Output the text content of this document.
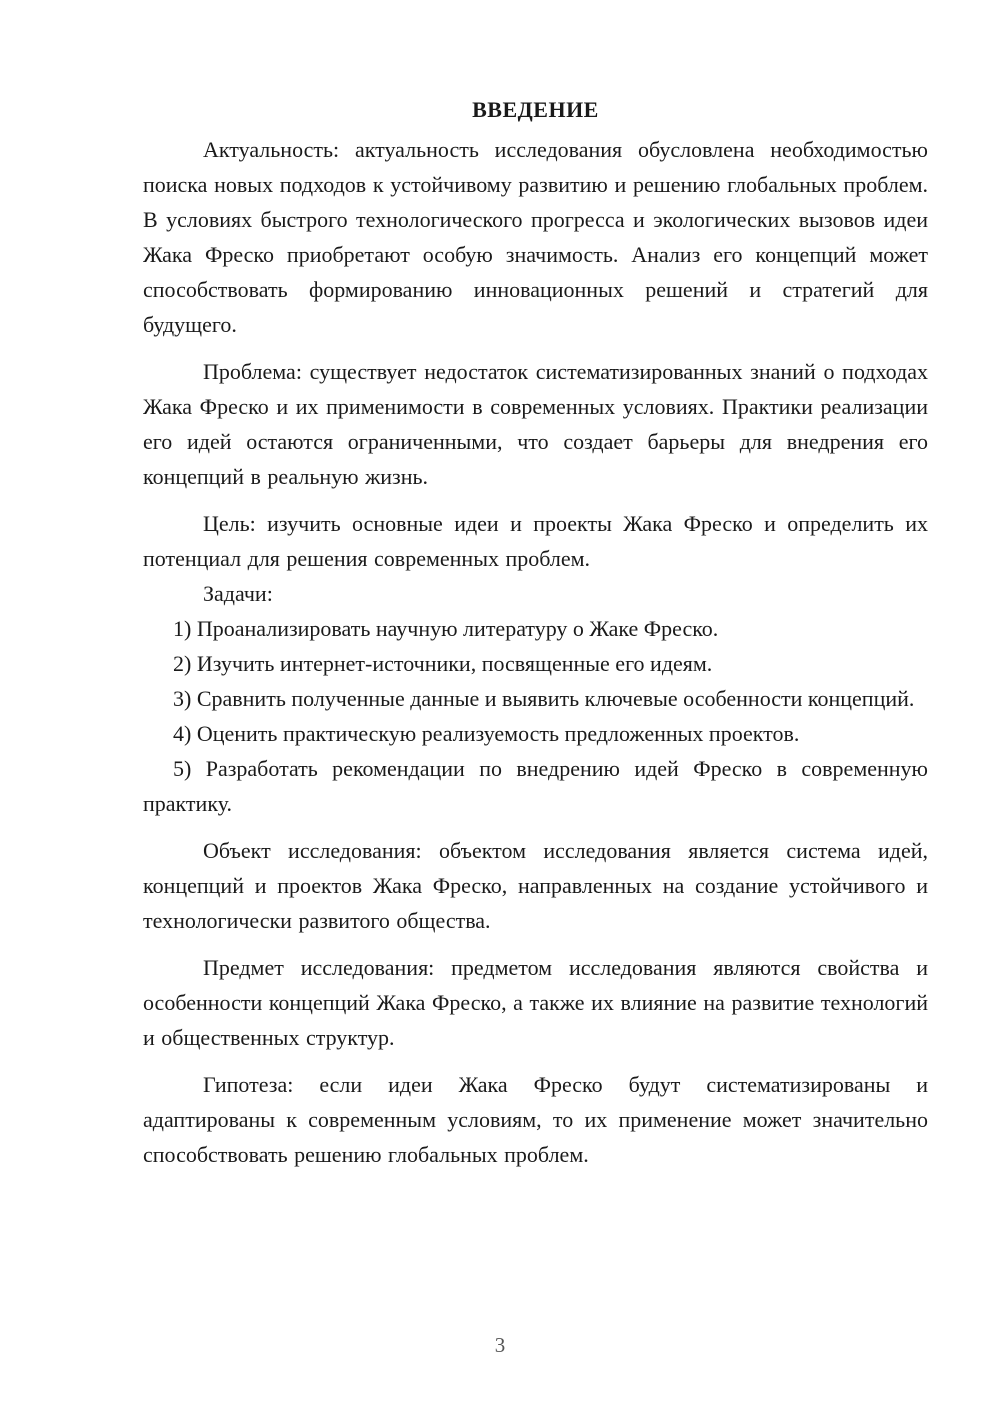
ВВЕДЕНИЕ

Актуальность: актуальность исследования обусловлена необходимостью поиска новых подходов к устойчивому развитию и решению глобальных проблем. В условиях быстрого технологического прогресса и экологических вызовов идеи Жака Фреско приобретают особую значимость. Анализ его концепций может способствовать формированию инновационных решений и стратегий для будущего.

Проблема: существует недостаток систематизированных знаний о подходах Жака Фреско и их применимости в современных условиях. Практики реализации его идей остаются ограниченными, что создает барьеры для внедрения его концепций в реальную жизнь.

Цель: изучить основные идеи и проекты Жака Фреско и определить их потенциал для решения современных проблем.

Задачи:

1) Проанализировать научную литературу о Жаке Фреско.

2) Изучить интернет-источники, посвященные его идеям.

3) Сравнить полученные данные и выявить ключевые особенности концепций.

4) Оценить практическую реализуемость предложенных проектов.

5) Разработать рекомендации по внедрению идей Фреско в современную практику.

Объект исследования: объектом исследования является система идей, концепций и проектов Жака Фреско, направленных на создание устойчивого и технологически развитого общества.

Предмет исследования: предметом исследования являются свойства и особенности концепций Жака Фреско, а также их влияние на развитие технологий и общественных структур.

Гипотеза: если идеи Жака Фреско будут систематизированы и адаптированы к современным условиям, то их применение может значительно способствовать решению глобальных проблем.

3
